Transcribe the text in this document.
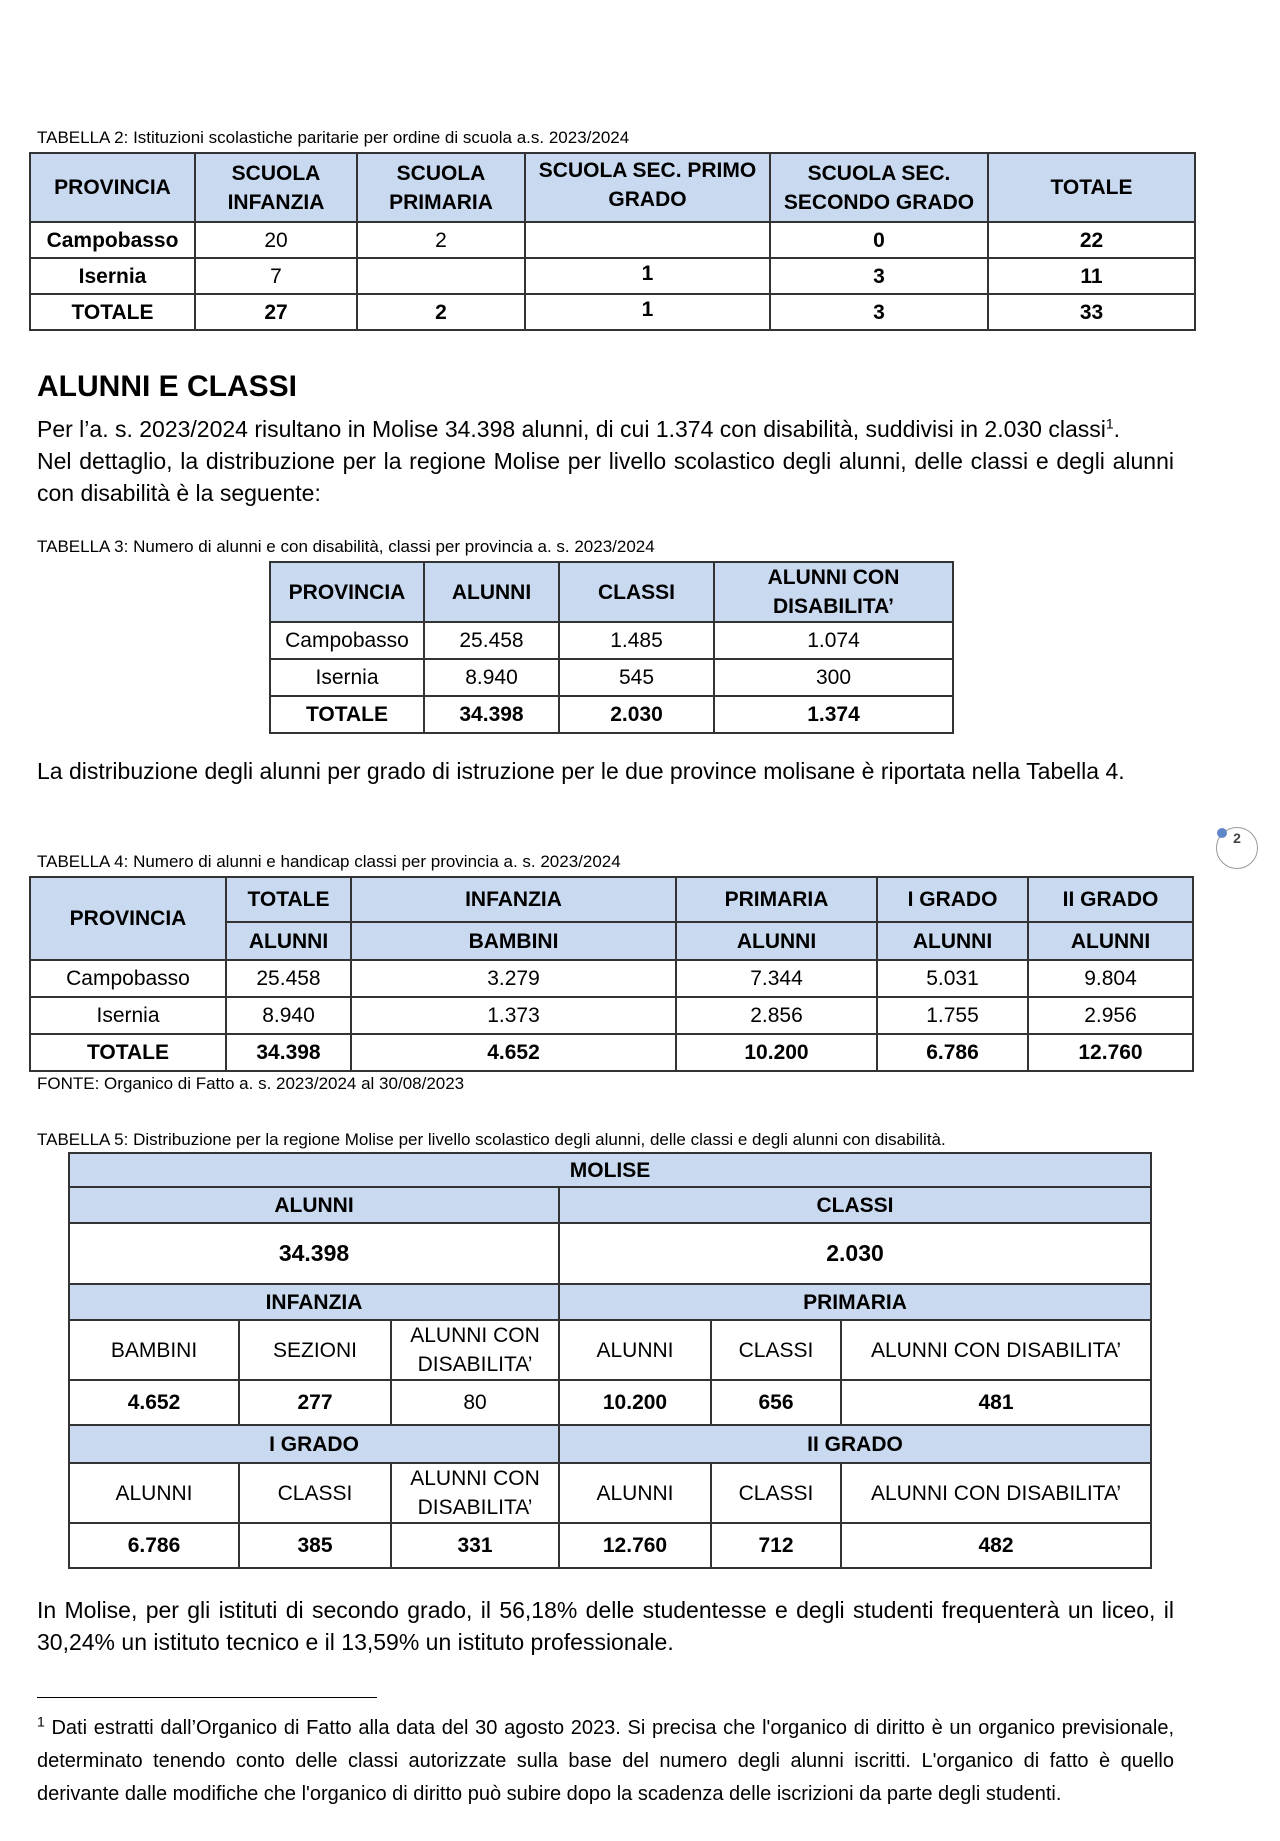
TABELLA 2: Istituzioni scolastiche paritarie per ordine di scuola a.s. 2023/2024
PROVINCIA	SCUOLA INFANZIA	SCUOLA PRIMARIA	SCUOLA SEC. PRIMO GRADO	SCUOLA SEC. SECONDO GRADO	TOTALE
Campobasso	20	2		0	22
Isernia	7		1	3	11
TOTALE	27	2	1	3	33
ALUNNI E CLASSI
Per l’a. s. 2023/2024 risultano in Molise 34.398 alunni, di cui 1.374 con disabilità, suddivisi in 2.030 classi$^1$.
Nel dettaglio, la distribuzione per la regione Molise per livello scolastico degli alunni, delle classi e degli alunni con disabilità è la seguente:
TABELLA 3: Numero di alunni e con disabilità, classi per provincia a. s. 2023/2024
PROVINCIA	ALUNNI	CLASSI	ALUNNI CON DISABILITA’
Campobasso	25.458	1.485	1.074
Isernia	8.940	545	300
TOTALE	34.398	2.030	1.374
La distribuzione degli alunni per grado di istruzione per le due province molisane è riportata nella Tabella 4.
2
TABELLA 4: Numero di alunni e handicap classi per provincia a. s. 2023/2024
PROVINCIA	TOTALE	INFANZIA	PRIMARIA	I GRADO	II GRADO
	ALUNNI	BAMBINI	ALUNNI	ALUNNI	ALUNNI
Campobasso	25.458	3.279	7.344	5.031	9.804
Isernia	8.940	1.373	2.856	1.755	2.956
TOTALE	34.398	4.652	10.200	6.786	12.760
FONTE: Organico di Fatto a. s. 2023/2024 al 30/08/2023
TABELLA 5: Distribuzione per la regione Molise per livello scolastico degli alunni, delle classi e degli alunni con disabilità.
MOLISE					
ALUNNI			CLASSI		
34.398			2.030		
INFANZIA			PRIMARIA		
BAMBINI	SEZIONI	ALUNNI CON DISABILITA’	ALUNNI	CLASSI	ALUNNI CON DISABILITA’
4.652	277	80	10.200	656	481
I GRADO			II GRADO		
ALUNNI	CLASSI	ALUNNI CON DISABILITA’	ALUNNI	CLASSI	ALUNNI CON DISABILITA’
6.786	385	331	12.760	712	482
In Molise, per gli istituti di secondo grado, il 56,18% delle studentesse e degli studenti frequenterà un liceo, il 30,24% un istituto tecnico e il 13,59% un istituto professionale.
$^1$ Dati estratti dall’Organico di Fatto alla data del 30 agosto 2023. Si precisa che l'organico di diritto è un organico previsionale, determinato tenendo conto delle classi autorizzate sulla base del numero degli alunni iscritti. L'organico di fatto è quello derivante dalle modifiche che l'organico di diritto può subire dopo la scadenza delle iscrizioni da parte degli studenti.
